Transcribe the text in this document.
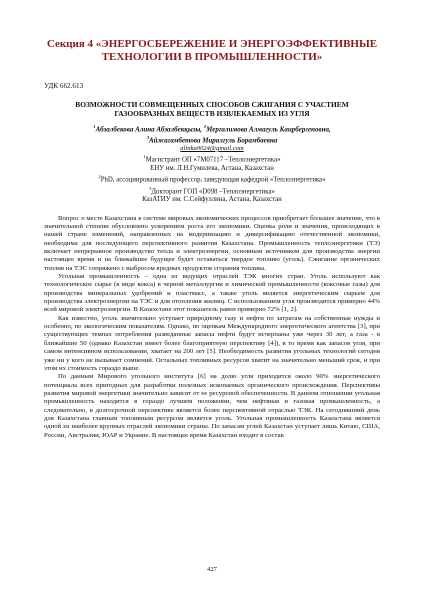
Секция 4 «ЭНЕРГОСБЕРЕЖЕНИЕ И ЭНЕРГОЭФФЕКТИВНЫЕ
ТЕХНОЛОГИИ В ПРОМЫШЛЕННОСТИ»
УДК 662.613
ВОЗМОЖНОСТИ СОВМЕЩЕННЫХ СПОСОБОВ СЖИГАНИЯ С УЧАСТИЕМ
ГАЗООБРАЗНЫХ ВЕЩЕСТВ ИЗВЛЕКАЕМЫХ ИЗ УГЛЯ
$^1$Абзалбекова Алина Абзалбекқызы, $^2$Мергалимова Алмагуль Каирбергеновна,
$^3$Айжагамбетова Миралгуль Борамбаевна
alinka0024@gmail.com
$^1$Магистрант ОП «7М07117 –Теплоэнергетика»
ЕНУ им. Л.Н.Гумилева, Астана, Казахстан
$^2$PhD, ассоциированный профессор, заведующая кафедрой «Теплоэнергетика»
$^3$Докторант ГОП «D098 –Теплоэнергетика»
КазАТИУ им. С.Сейфуллина, Астана, Казахстан

Вопрос о месте Казахстана в системе мировых экономических процессов приобретает большее значение, что в значительной степени обусловлено ускорением роста его экономики. Оценка роли и значения, происходящих в нашей стране изменений, направленных на модернизацию и диверсификацию отечественной экономики, необходима для последующего перспективного развития Казахстана. Промышленность теплоэнергетики (ТЭ) включает непрерывное производство тепла и электроэнергии, основным источником для производства энергии настоящее время и на ближайшее будущее будет оставаться твердое топливо (уголь). Сжигание органических топлив на ТЭС сопряжено с выбросом вредных продуктов сгорания топлива.

Угольная промышленность – одна из ведущих отраслей ТЭК многих стран. Уголь используют как технологическое сырье (в виде кокса) в черной металлургии и химической промышленности (коксовые газы) для производства минеральных удобрений и пластмасс, а также уголь является энергетическим сырьем для производства электроэнергии на ТЭС и для отопления жилищ. С использованием угля производится примерно 44% всей мировой электроэнергии. В Казахстане этот показатель равен примерно 72% [1, 2].

Как известно, уголь значительно уступает природному газу и нефти по затратам на собственные нужды и особенно, по экологическим показателям. Однако, по оценкам Международного энергетического агентства [3], при существующих темпах потребления разведанные запасы нефти будут исчерпаны уже через 30 лет, а газа - в ближайшие 50 (однако Казахстан имеет более благоприятную перспективу [4]), в то время как запасов угля, при самом интенсивном использовании, хватает на 200 лет [5]. Необходимость развития угольных технологий сегодня уже ни у кого не вызывает сомнений. Остальных топливных ресурсов хватит на значительно меньший срок, и при этом их стоимость гораздо выше.

По данным Мирового угольного института [6] на долю угля приходится около 90% энергетического потенциала всех пригодных для разработки полезных ископаемых органического происхождения. Перспективы развития мировой энергетики значительно зависят от ее ресурсной обеспеченности. В данном отношении угольная промышленность находится в гораздо лучшем положении, чем нефтяная и газовая промышленность, а следовательно, в долгосрочной перспективе является более перспективной отраслью ТЭК. На сегодняшний день для Казахстана главным топливным ресурсом является уголь. Угольная промышленность Казахстана является одной из наиболее крупных отраслей экономики страны. По запасам углей Казахстан уступает лишь Китаю, США, России, Австралии, ЮАР и Украине. В настоящее время Казахстан входит в состав

427
